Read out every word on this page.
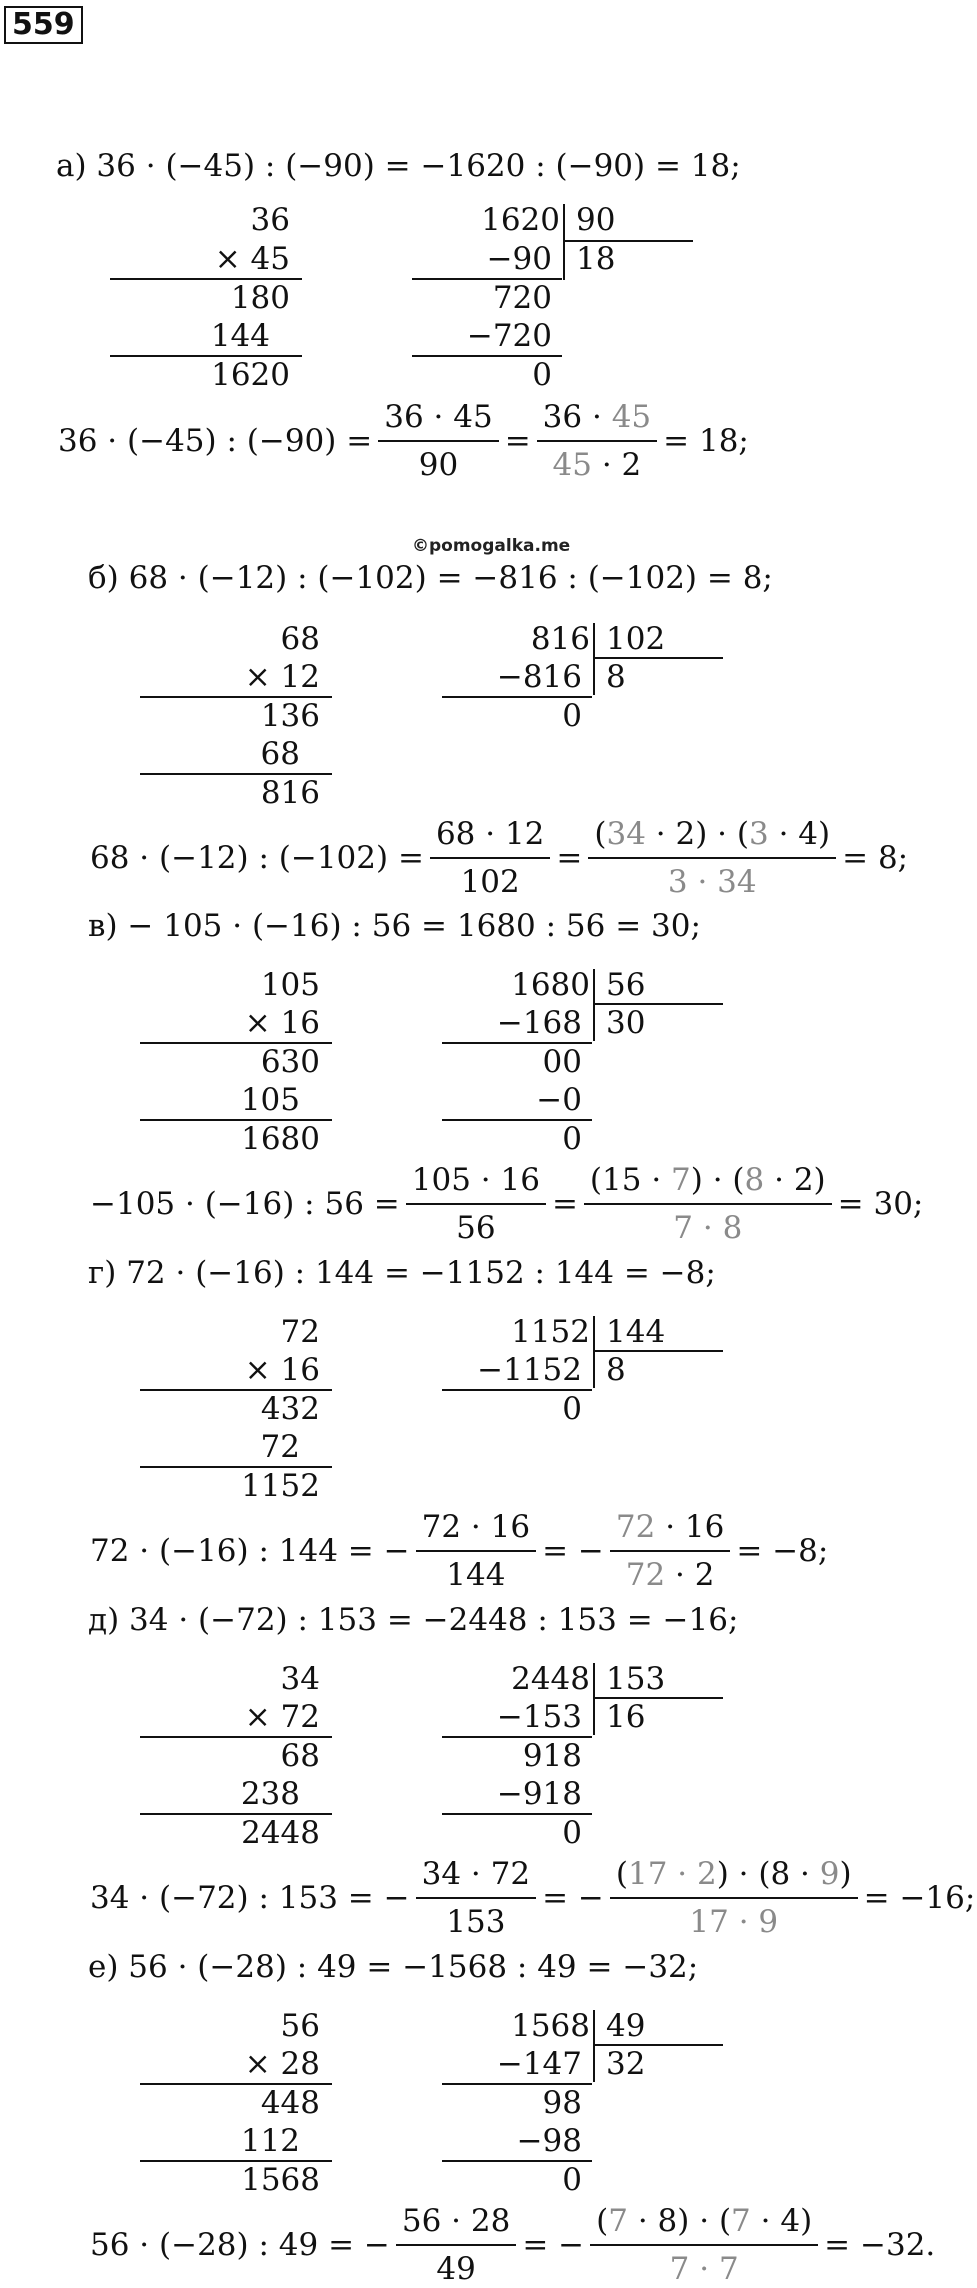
559
©pomogalka.me
а) 36 · (−45) : (−90) = −1620 : (−90) = 18;
36
× 45
180
144
1620
1620 90
18
−90
720
−720
0
36 · (−45) : $(-90) = \frac{36 \cdot 45}{90} = \frac{36 \cdot 45}{45 \cdot 2} = 18$;
б) 68 · (−12) : (−102) = −816 : (−102) = 8;
68
× 12
136
68
816
816 102
8
−816
0
68 · (−12) : $(-102) = \frac{68 \cdot 12}{102} = \frac{(34 \cdot 2) \cdot (3 \cdot 4)}{3 \cdot 34} = 8$;
в) − 105 · (−16) : 56 = 1680 : 56 = 30;
105
× 16
630
105
1680
1680 56
30
−168
00
−0
0
−105 · (−16) : $56 = \frac{105 \cdot 16}{56} = \frac{(15 \cdot 7) \cdot (8 \cdot 2)}{7 \cdot 8} = 30$;
г) 72 · (−16) : 144 = −1152 : 144 = −8;
72
× 16
432
72
1152
1152 144
8
−1152
0
72 · (−16) : 144 = − $\frac{72 \cdot 16}{144}$ = − $\frac{72 \cdot 16}{72 \cdot 2} = -8$;
д) 34 · (−72) : 153 = −2448 : 153 = −16;
34
× 72
68
238
2448
2448 153
16
−153
918
−918
0
34 · (−72) : 153 = − $\frac{34 \cdot 72}{153}$ = − $\frac{(17 \cdot 2) \cdot (8 \cdot 9)}{17 \cdot 9} = -16$;
е) 56 · (−28) : 49 = −1568 : 49 = −32;
56
× 28
448
112
1568
1568 49
32
−147
98
−98
0
56 · (−28) : 49 = − $\frac{56 \cdot 28}{49}$ = − $\frac{(7 \cdot 8) \cdot (7 \cdot 4)}{7 \cdot 7} = -32$.
